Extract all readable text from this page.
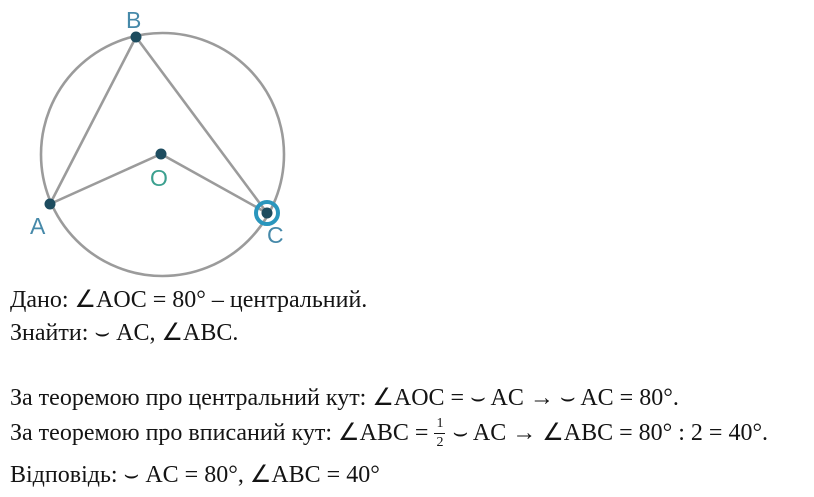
B
A	C
O
Дано: ∠AOC = 80° – центральний.
Знайти: ⌣ AC, ∠ABC.
За теоремою про центральний кут: ∠AOC = ⌣ AC → ⌣ AC = 80°.
За теоремою про вписаний кут: ∠ABC = $\frac{1}{2}$ ⌣ AC → ∠ABC = 80° : 2 = 40°.
Відповідь: ⌣ AC = 80°, ∠ABC = 40°
